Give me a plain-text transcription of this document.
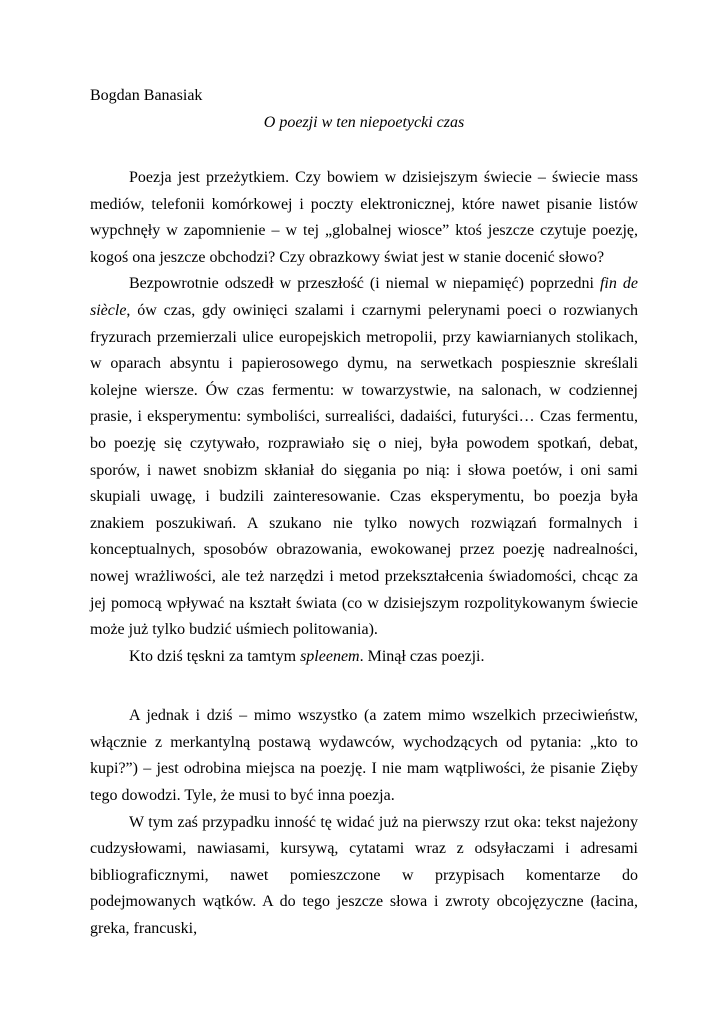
Bogdan Banasiak
O poezji w ten niepoetycki czas

Poezja jest przeżytkiem. Czy bowiem w dzisiejszym świecie – świecie mass mediów, telefonii komórkowej i poczty elektronicznej, które nawet pisanie listów wypchnęły w zapomnienie – w tej „globalnej wiosce” ktoś jeszcze czytuje poezję, kogoś ona jeszcze obchodzi? Czy obrazkowy świat jest w stanie docenić słowo?

Bezpowrotnie odszedł w przeszłość (i niemal w niepamięć) poprzedni fin de siècle, ów czas, gdy owinięci szalami i czarnymi pelerynami poeci o rozwianych fryzurach przemierzali ulice europejskich metropolii, przy kawiarnianych stolikach, w oparach absyntu i papierosowego dymu, na serwetkach pospiesznie skreślali kolejne wiersze. Ów czas fermentu: w towarzystwie, na salonach, w codziennej prasie, i eksperymentu: symboliści, surrealiści, dadaiści, futuryści… Czas fermentu, bo poezję się czytywało, rozprawiało się o niej, była powodem spotkań, debat, sporów, i nawet snobizm skłaniał do sięgania po nią: i słowa poetów, i oni sami skupiali uwagę, i budzili zainteresowanie. Czas eksperymentu, bo poezja była znakiem poszukiwań. A szukano nie tylko nowych rozwiązań formalnych i konceptualnych, sposobów obrazowania, ewokowanej przez poezję nadrealności, nowej wrażliwości, ale też narzędzi i metod przekształcenia świadomości, chcąc za jej pomocą wpływać na kształt świata (co w dzisiejszym rozpolitykowanym świecie może już tylko budzić uśmiech politowania).

Kto dziś tęskni za tamtym spleenem. Minął czas poezji.

A jednak i dziś – mimo wszystko (a zatem mimo wszelkich przeciwieństw, włącznie z merkantylną postawą wydawców, wychodzących od pytania: „kto to kupi?”) – jest odrobina miejsca na poezję. I nie mam wątpliwości, że pisanie Zięby tego dowodzi. Tyle, że musi to być inna poezja.

W tym zaś przypadku inność tę widać już na pierwszy rzut oka: tekst najeżony cudzysłowami, nawiasami, kursywą, cytatami wraz z odsyłaczami i adresami bibliograficznymi, nawet pomieszczone w przypisach komentarze do podejmowanych wątków. A do tego jeszcze słowa i zwroty obcojęzyczne (łacina, greka, francuski,
